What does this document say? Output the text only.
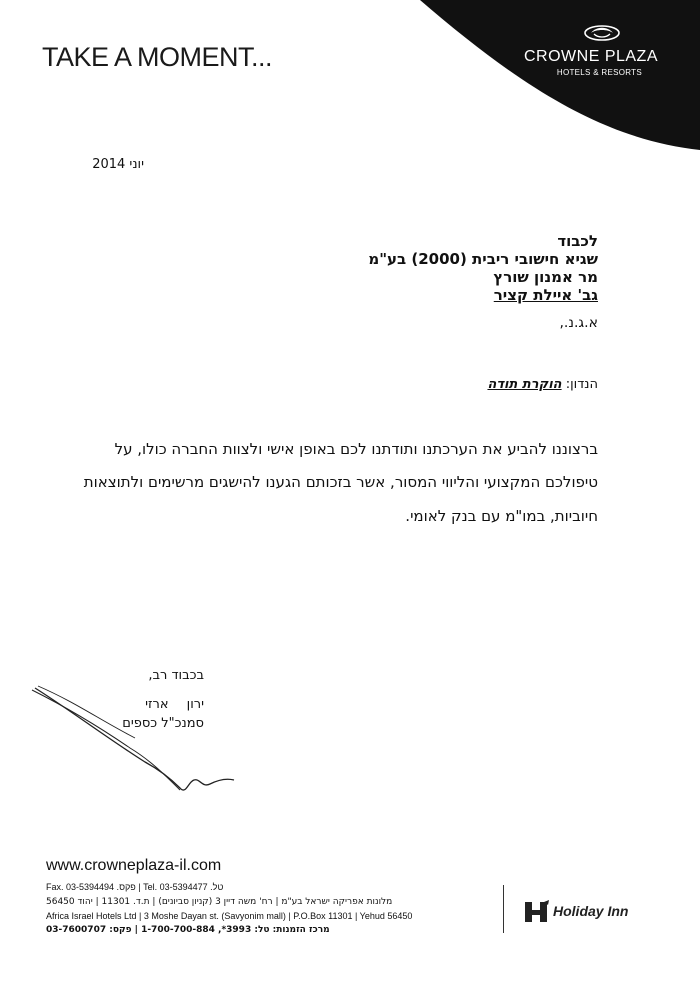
TAKE A MOMENT...	CROWNE PLAZA
HOTELS & RESORTS
יוני 2014
לכבוד
שגיא חישובי ריבית (2000) בע"מ
מר אמנון שורץ
גב' איילת קציר
א.ג.נ.,
הנדון: הוקרת תודה
ברצוננו להביע את הערכתנו ותודתנו לכם באופן אישי ולצוות החברה כולו, על
טיפולכם המקצועי והליווי המסור, אשר בזכותם הגענו להישגים מרשימים ולתוצאות
חיוביות, במו"מ עם בנק לאומי.
בכבוד רב,
ירון ארזי
סמנכ"ל כספים
www.crowneplaza-il.com
Fax. 03-5394494 .פקס | Tel. 03-5394477 .טל
מלונות אפריקה ישראל בע"מ | רח' משה דיין 3 (קניון סביונים) | ת.ד. 11301 | יהוד 56450
Africa Israel Hotels Ltd | 3 Moshe Dayan st. (Savyonim mall) | P.O.Box 11301 | Yehud 56450
מרכז הזמנות: טל: 3993*, 1-700-700-884 | פקס: 03-7600707
Holiday Inn
